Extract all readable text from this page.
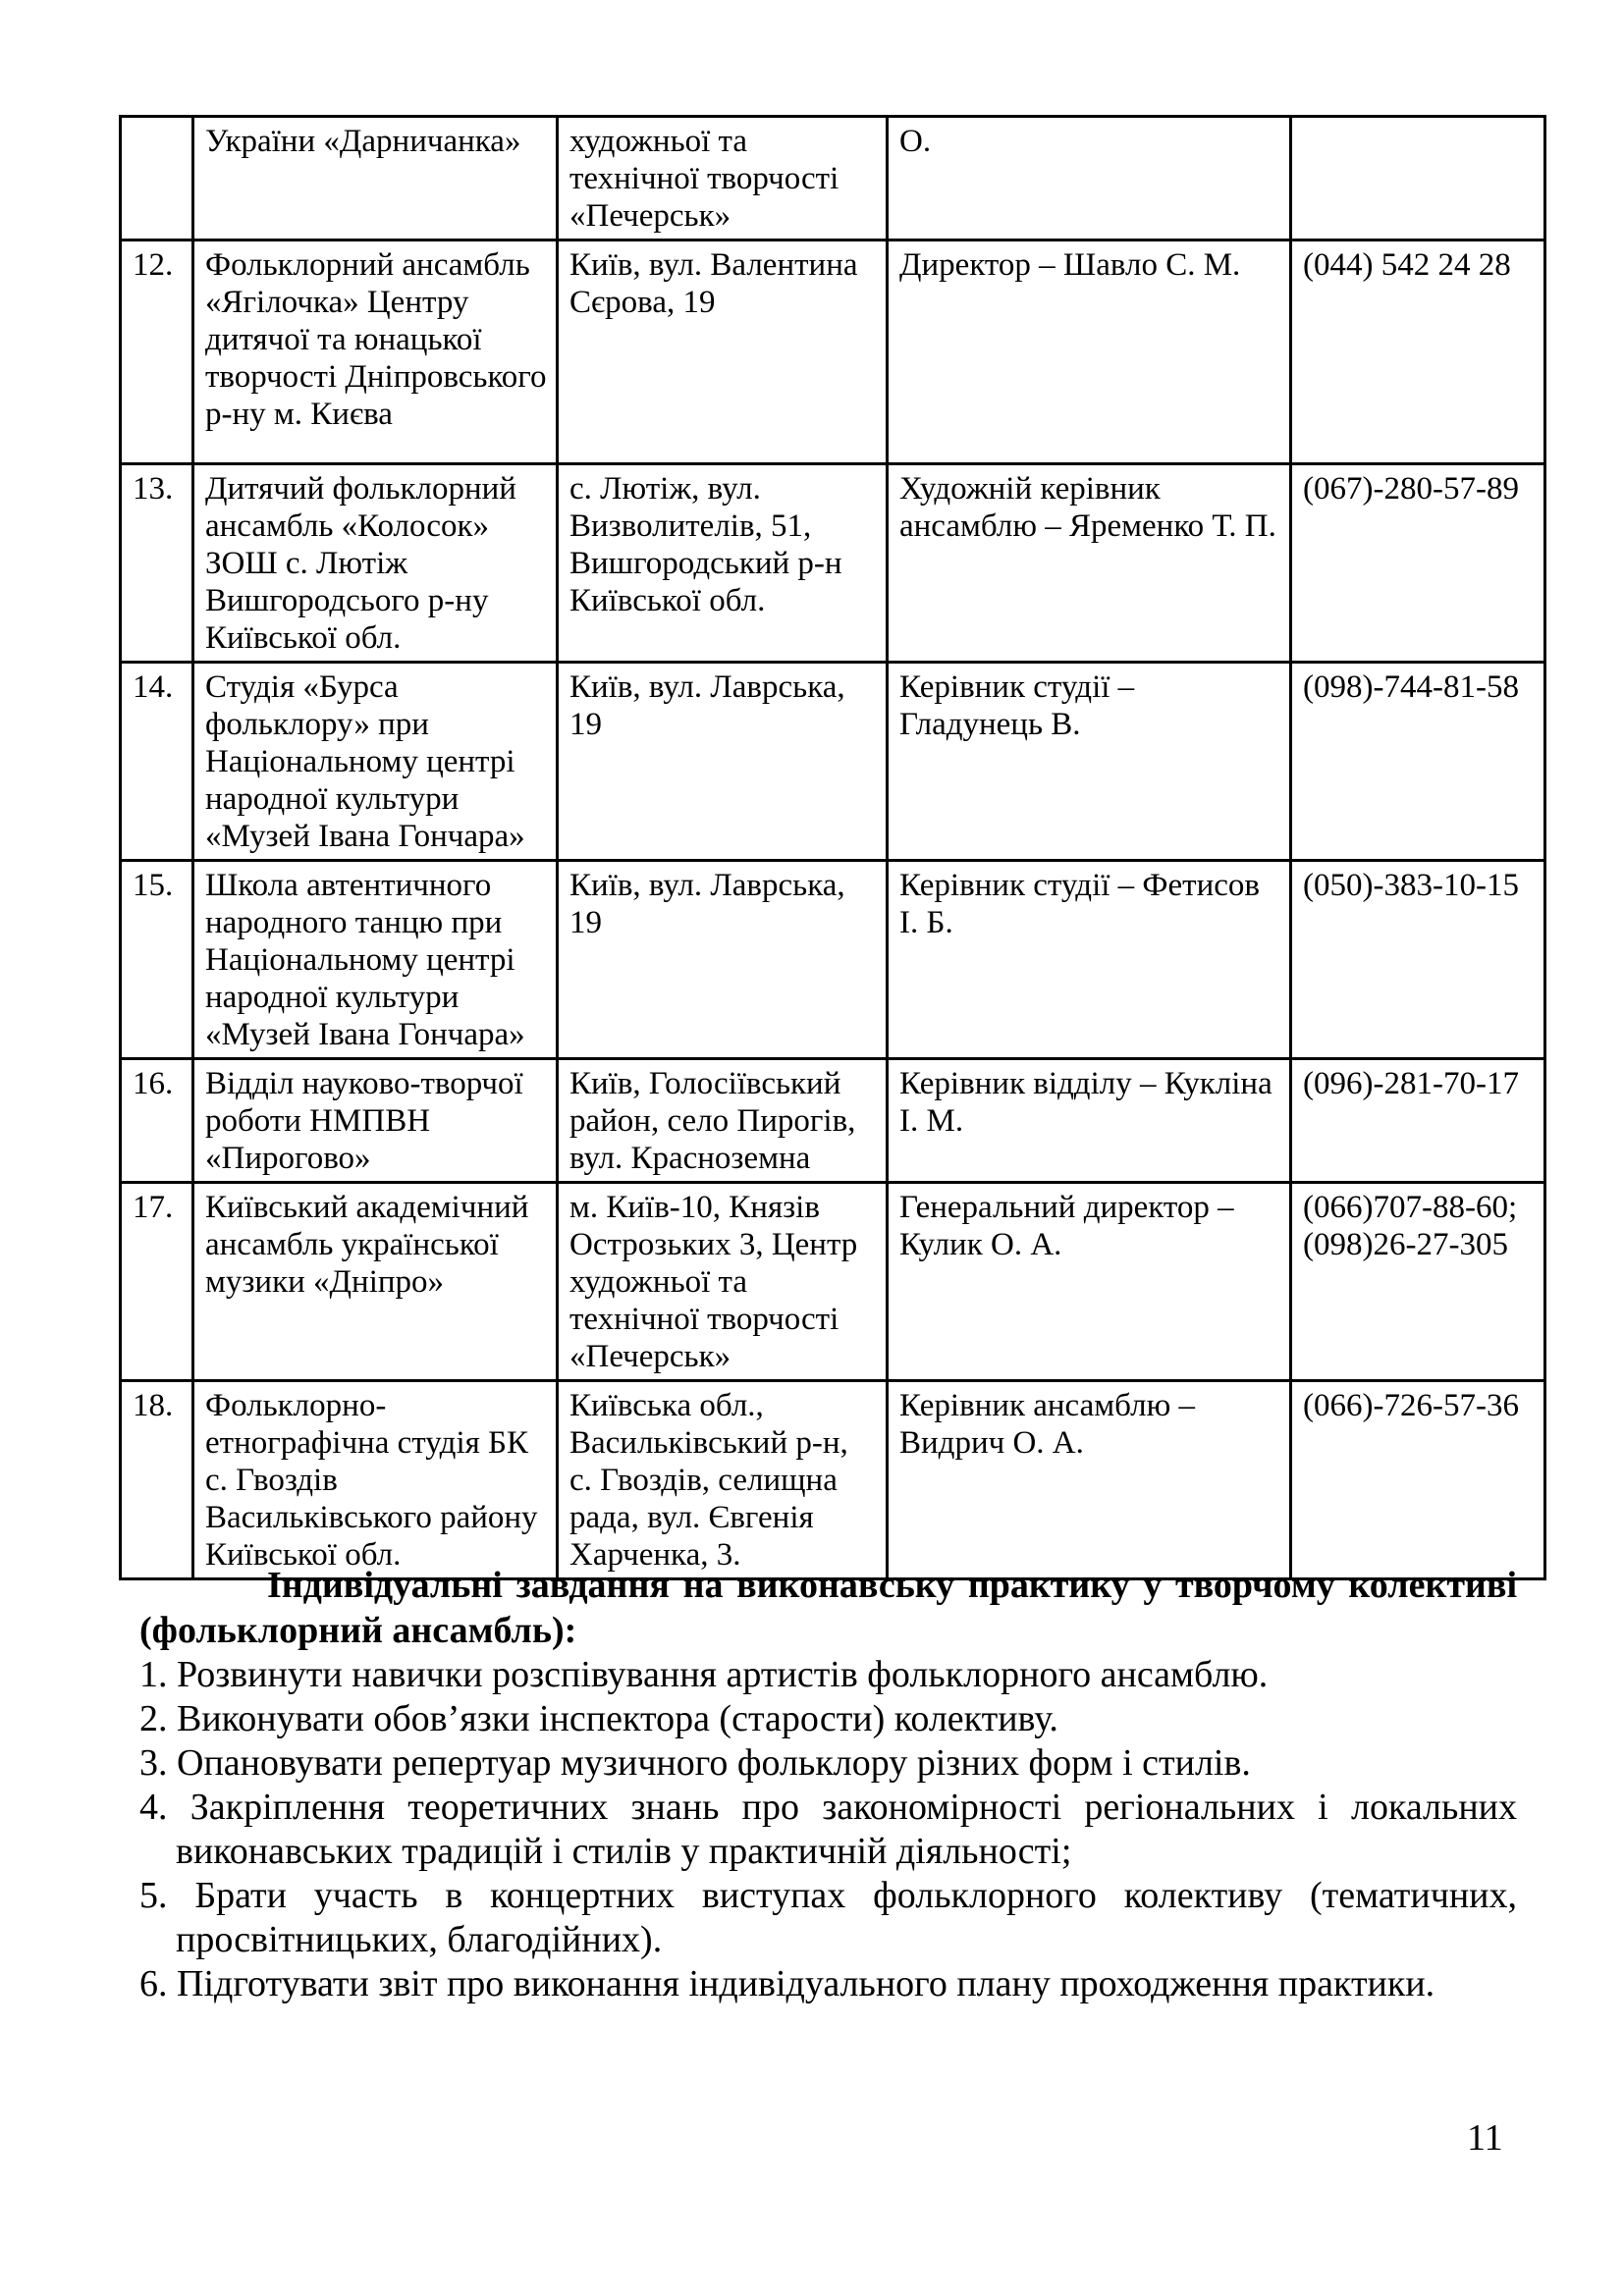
	України «Дарничанка»	художньої та технічної творчості «Печерськ»	О.	
12.	Фольклорний ансамбль «Ягілочка» Центру дитячої та юнацької творчості Дніпровського р-ну м. Києва	Київ, вул. Валентина Сєрова, 19	Директор – Шавло С. М.	(044) 542 24 28
13.	Дитячий фольклорний ансамбль «Колосок» ЗОШ с. Лютіж Вишгородсього р-ну Київської обл.	с. Лютіж, вул. Визволителів, 51, Вишгородський р-н Київської обл.	Художній керівник ансамблю – Яременко Т. П.	(067)-280-57-89
14.	Студія «Бурса фольклору» при Національному центрі народної культури «Музей Івана Гончара»	Київ, вул. Лаврська, 19	Керівник студії – Гладунець В.	(098)-744-81-58
15.	Школа автентичного народного танцю при Національному центрі народної культури «Музей Івана Гончара»	Київ, вул. Лаврська, 19	Керівник студії – Фетисов І. Б.	(050)-383-10-15
16.	Відділ науково-творчої роботи НМПВН «Пирогово»	Київ, Голосіївський район, село Пирогів, вул. Красноземна	Керівник відділу – Кукліна І. М.	(096)-281-70-17
17.	Київський академічний ансамбль української музики «Дніпро»	м. Київ-10, Князів Острозьких 3, Центр художньої та технічної творчості «Печерськ»	Генеральний директор – Кулик О. А.	(066)707-88-60; (098)26-27-305
18.	Фольклорно-етнографічна студія БК с. Гвоздів Васильківського району Київської обл.	Київська обл., Васильківський р-н, с. Гвоздів, селищна рада, вул. Євгенія Харченка, 3.	Керівник ансамблю – Видрич О. А.	(066)-726-57-36

Індивідуальні завдання на виконавську практику у творчому колективі (фольклорний ансамбль):

1. Розвинути навички розспівування артистів фольклорного ансамблю.
2. Виконувати обов’язки інспектора (старости) колективу.
3. Опановувати репертуар музичного фольклору різних форм і стилів.
4. Закріплення теоретичних знань про закономірності регіональних і локальних виконавських традицій і стилів у практичній діяльності;
5. Брати участь в концертних виступах фольклорного колективу (тематичних, просвітницьких, благодійних).
6. Підготувати звіт про виконання індивідуального плану проходження практики.
11
